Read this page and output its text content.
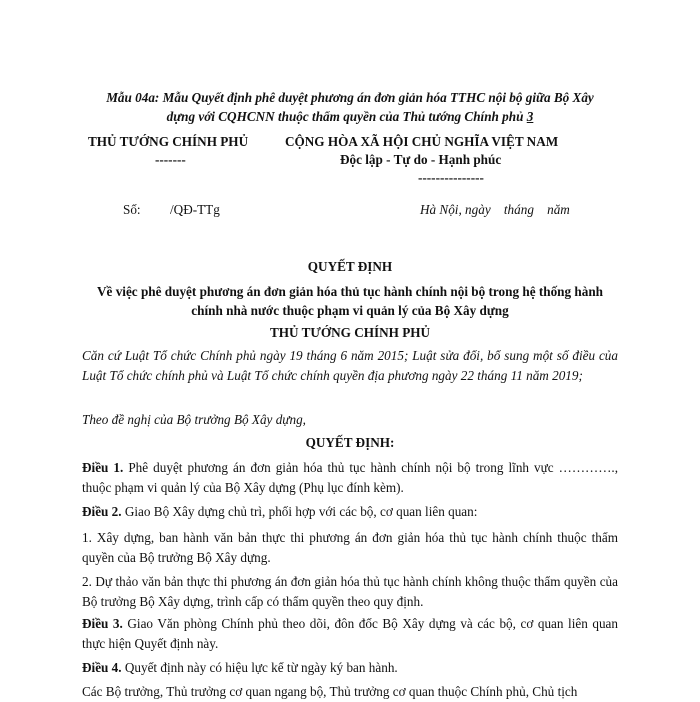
Mẫu 04a: Mẫu Quyết định phê duyệt phương án đơn giản hóa TTHC nội bộ giữa Bộ Xây
dựng với CQHCNN thuộc thẩm quyền của Thủ tướng Chính phủ 3
THỦ TƯỚNG CHÍNH PHỦ
-------
CỘNG HÒA XÃ HỘI CHỦ NGHĨA VIỆT NAM
Độc lập - Tự do - Hạnh phúc
---------------
Số: /QĐ-TTg	Hà Nội, ngày    tháng    năm
QUYẾT ĐỊNH
Về việc phê duyệt phương án đơn giản hóa thủ tục hành chính nội bộ trong hệ thống hành
chính nhà nước thuộc phạm vi quản lý của Bộ Xây dựng
THỦ TƯỚNG CHÍNH PHỦ
Căn cứ Luật Tổ chức Chính phủ ngày 19 tháng 6 năm 2015; Luật sửa đổi, bổ sung một số điều của Luật Tổ chức chính phủ và Luật Tổ chức chính quyền địa phương ngày 22 tháng 11 năm 2019;
Theo đề nghị của Bộ trưởng Bộ Xây dựng,
QUYẾT ĐỊNH:
Điều 1. Phê duyệt phương án đơn giản hóa thủ tục hành chính nội bộ trong lĩnh vực …………., thuộc phạm vi quản lý của Bộ Xây dựng (Phụ lục đính kèm).
Điều 2. Giao Bộ Xây dựng chủ trì, phối hợp với các bộ, cơ quan liên quan:
1. Xây dựng, ban hành văn bản thực thi phương án đơn giản hóa thủ tục hành chính thuộc thẩm quyền của Bộ trưởng Bộ Xây dựng.
2. Dự thảo văn bản thực thi phương án đơn giản hóa thủ tục hành chính không thuộc thẩm quyền của Bộ trưởng Bộ Xây dựng, trình cấp có thẩm quyền theo quy định.
Điều 3. Giao Văn phòng Chính phủ theo dõi, đôn đốc Bộ Xây dựng và các bộ, cơ quan liên quan thực hiện Quyết định này.
Điều 4. Quyết định này có hiệu lực kể từ ngày ký ban hành.
Các Bộ trưởng, Thủ trưởng cơ quan ngang bộ, Thủ trưởng cơ quan thuộc Chính phủ, Chủ tịch
